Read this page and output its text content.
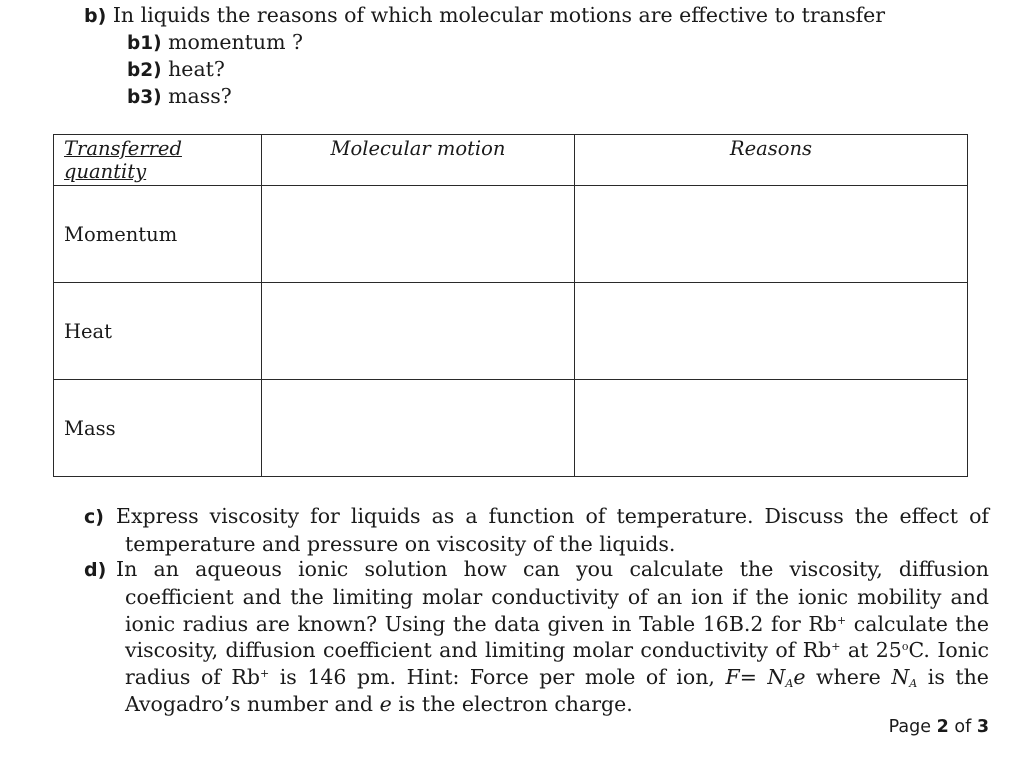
b) In liquids the reasons of which molecular motions are effective to transfer
b1) momentum ?
b2) heat?
b3) mass?
Transferred quantity	Molecular motion	Reasons
Momentum		
Heat		
Mass		

c) Express viscosity for liquids as a function of temperature. Discuss the effect of

temperature and pressure on viscosity of the liquids.

d) In an aqueous ionic solution how can you calculate the viscosity, diffusion

coefficient and the limiting molar conductivity of an ion if the ionic mobility and

ionic radius are known? Using the data given in Table 16B.2 for Rb+ calculate the

viscosity, diffusion coefficient and limiting molar conductivity of Rb+ at 25$^o$C. Ionic

radius of Rb+ is 146 pm. Hint: Force per mole of ion, $F= N_Ae$ where $N_A$ is the

Avogadro’s number and e is the electron charge.

Page 2 of 3
